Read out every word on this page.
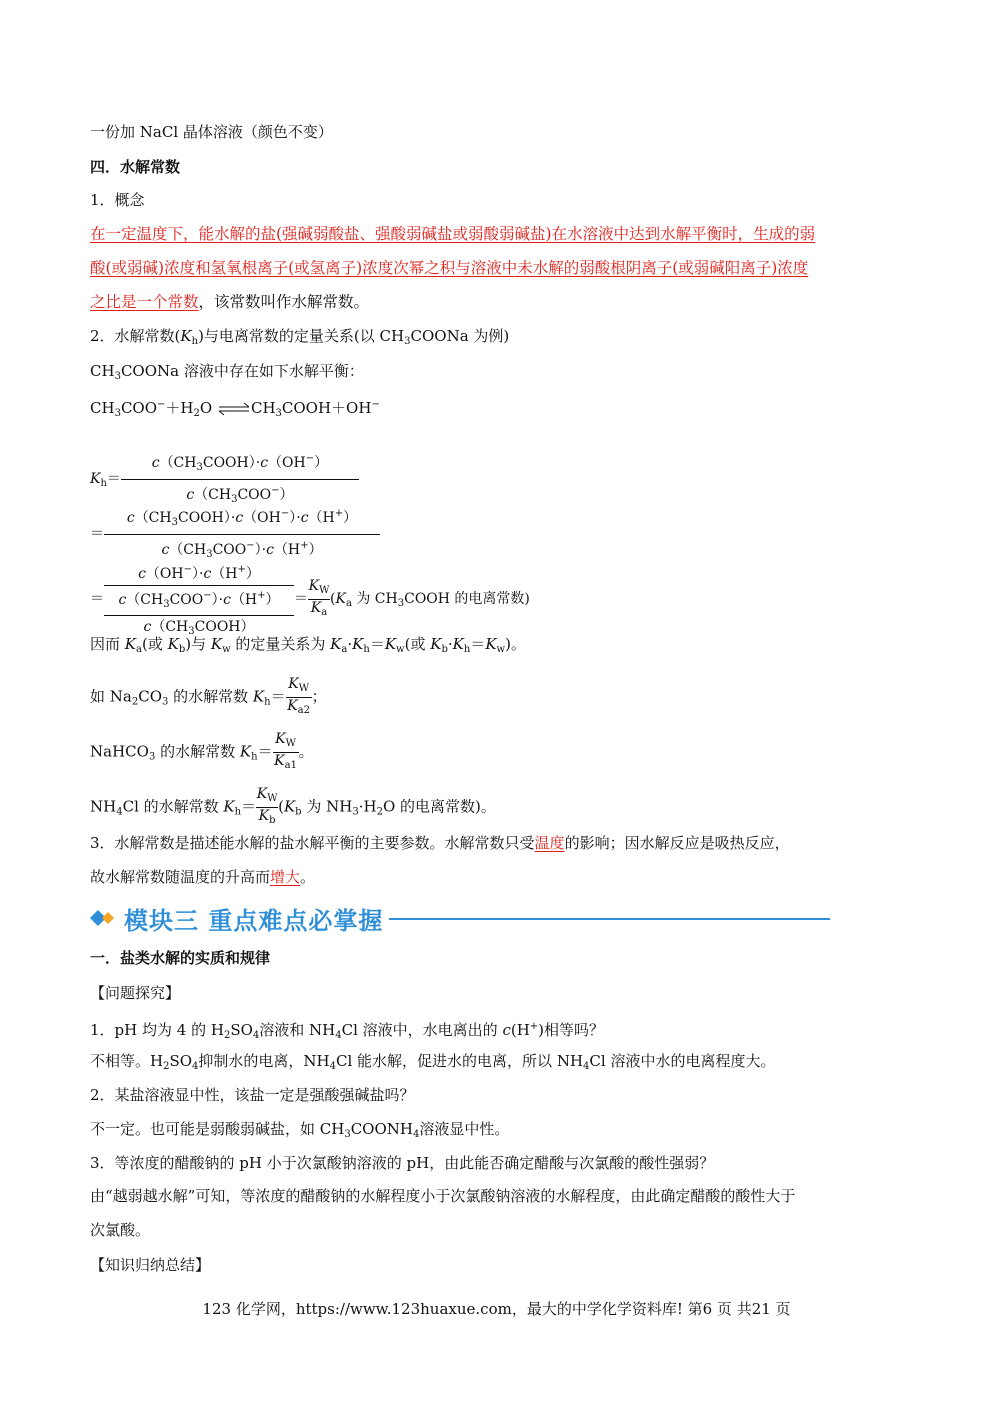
一份加 NaCl 晶体溶液（颜色不变）
四．水解常数
1．概念
在一定温度下，能水解的盐(强碱弱酸盐、强酸弱碱盐或弱酸弱碱盐)在水溶液中达到水解平衡时，生成的弱
酸(或弱碱)浓度和氢氧根离子(或氢离子)浓度次幂之积与溶液中未水解的弱酸根阴离子(或弱碱阳离子)浓度
之比是一个常数，该常数叫作水解常数。
2．水解常数$(K_h)$与电离常数的定量关系(以 $CH_3COONa$ 为例)
$CH_3COONa$ 溶液中存在如下水解平衡：
$CH_3COO^-+H_2O$ $\rightleftharpoons CH_3COOH+OH^-$
$K_h= \frac{c(CH_3COOH)\cdot c(OH^-)}{c(CH_3COO^-)}$
＝ $\frac{c(CH_3COOH)\cdot c(OH^-)\cdot c(H^+)}{c(CH_3COO^-)\cdot c(H^+)}$
＝
c（OH−）·c（H+）
$c(CH_3COO^-)\cdot c(H^+)$
$c(CH_3COOH)$
＝ $\frac{K_W}{K_a} (K_a$ 为 $CH_3COOH$ 的电离常数)
因而 $K_a$(或 $K_b$)与 $K_w$ 的定量关系为 $K_a\cdot K_h=K_w$(或 $K_b\cdot K_h=K_w$)。
如 $Na_2CO_3$ 的水解常数 $K_h= \frac{K_W}{K_{a2}}$ ；
NaHCO$_3$ 的水解常数 $K_h= \frac{K_W}{K_{a1}}$ 。
$NH_4Cl$ 的水解常数 $K_h= \frac{K_W}{K_b} (K_b$ 为 $NH_3\cdot H_2O$ 的电离常数)。
3．水解常数是描述能水解的盐水解平衡的主要参数。水解常数只受温度的影响；因水解反应是吸热反应，
故水解常数随温度的升高而增大。
模块三 重点难点必掌握
一．盐类水解的实质和规律
【问题探究】
1．pH 均为 4 的 $H_2SO_4$溶液和 $NH_4Cl$ 溶液中，水电离出的 c(H+)相等吗？
不相等。$H_2SO_4$抑制水的电离，$NH_4Cl$ 能水解，促进水的电离，所以 $NH_4Cl$ 溶液中水的电离程度大。
2．某盐溶液显中性，该盐一定是强酸强碱盐吗？
不一定。也可能是弱酸弱碱盐，如 $CH_3COONH_4$溶液显中性。
3．等浓度的醋酸钠的 pH 小于次氯酸钠溶液的 pH，由此能否确定醋酸与次氯酸的酸性强弱？
由“越弱越水解”可知，等浓度的醋酸钠的水解程度小于次氯酸钠溶液的水解程度，由此确定醋酸的酸性大于
次氯酸。
【知识归纳总结】
123 化学网，https://www.123huaxue.com，最大的中学化学资料库! 第6 页 共21 页
